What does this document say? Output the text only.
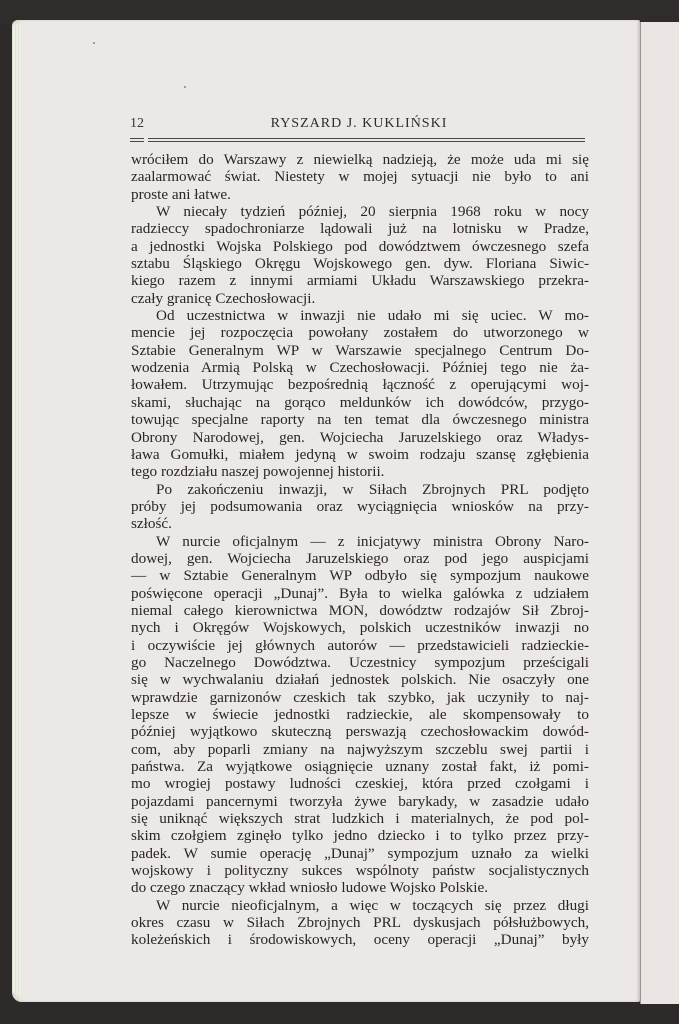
12	RYSZARD J. KUKLIŃSKI
wróciłem do Warszawy z niewielką nadzieją, że może uda mi się
zaalarmować świat. Niestety w mojej sytuacji nie było to ani
proste ani łatwe.
W niecały tydzień później, 20 sierpnia 1968 roku w nocy
radzieccy spadochroniarze lądowali już na lotnisku w Pradze,
a jednostki Wojska Polskiego pod dowództwem ówczesnego szefa
sztabu Śląskiego Okręgu Wojskowego gen. dyw. Floriana Siwic-
kiego razem z innymi armiami Układu Warszawskiego przekra-
czały granicę Czechosłowacji.
Od uczestnictwa w inwazji nie udało mi się uciec. W mo-
mencie jej rozpoczęcia powołany zostałem do utworzonego w
Sztabie Generalnym WP w Warszawie specjalnego Centrum Do-
wodzenia Armią Polską w Czechosłowacji. Później tego nie ża-
łowałem. Utrzymując bezpośrednią łączność z operującymi woj-
skami, słuchając na gorąco meldunków ich dowódców, przygo-
towując specjalne raporty na ten temat dla ówczesnego ministra
Obrony Narodowej, gen. Wojciecha Jaruzelskiego oraz Władys-
ława Gomułki, miałem jedyną w swoim rodzaju szansę zgłębienia
tego rozdziału naszej powojennej historii.
Po zakończeniu inwazji, w Siłach Zbrojnych PRL podjęto
próby jej podsumowania oraz wyciągnięcia wniosków na przy-
szłość.
W nurcie oficjalnym — z inicjatywy ministra Obrony Naro-
dowej, gen. Wojciecha Jaruzelskiego oraz pod jego auspicjami
— w Sztabie Generalnym WP odbyło się sympozjum naukowe
poświęcone operacji „Dunaj”. Była to wielka galówka z udziałem
niemal całego kierownictwa MON, dowództw rodzajów Sił Zbroj-
nych i Okręgów Wojskowych, polskich uczestników inwazji no
i oczywiście jej głównych autorów — przedstawicieli radzieckie-
go Naczelnego Dowództwa. Uczestnicy sympozjum prześcigali
się w wychwalaniu działań jednostek polskich. Nie osaczyły one
wprawdzie garnizonów czeskich tak szybko, jak uczyniły to naj-
lepsze w świecie jednostki radzieckie, ale skompensowały to
później wyjątkowo skuteczną perswazją czechosłowackim dowód-
com, aby poparli zmiany na najwyższym szczeblu swej partii i
państwa. Za wyjątkowe osiągnięcie uznany został fakt, iż pomi-
mo wrogiej postawy ludności czeskiej, która przed czołgami i
pojazdami pancernymi tworzyła żywe barykady, w zasadzie udało
się uniknąć większych strat ludzkich i materialnych, że pod pol-
skim czołgiem zginęło tylko jedno dziecko i to tylko przez przy-
padek. W sumie operację „Dunaj” sympozjum uznało za wielki
wojskowy i polityczny sukces wspólnoty państw socjalistycznych
do czego znaczący wkład wniosło ludowe Wojsko Polskie.
W nurcie nieoficjalnym, a więc w toczących się przez długi
okres czasu w Siłach Zbrojnych PRL dyskusjach półsłużbowych,
koleżeńskich i środowiskowych, oceny operacji „Dunaj” były
